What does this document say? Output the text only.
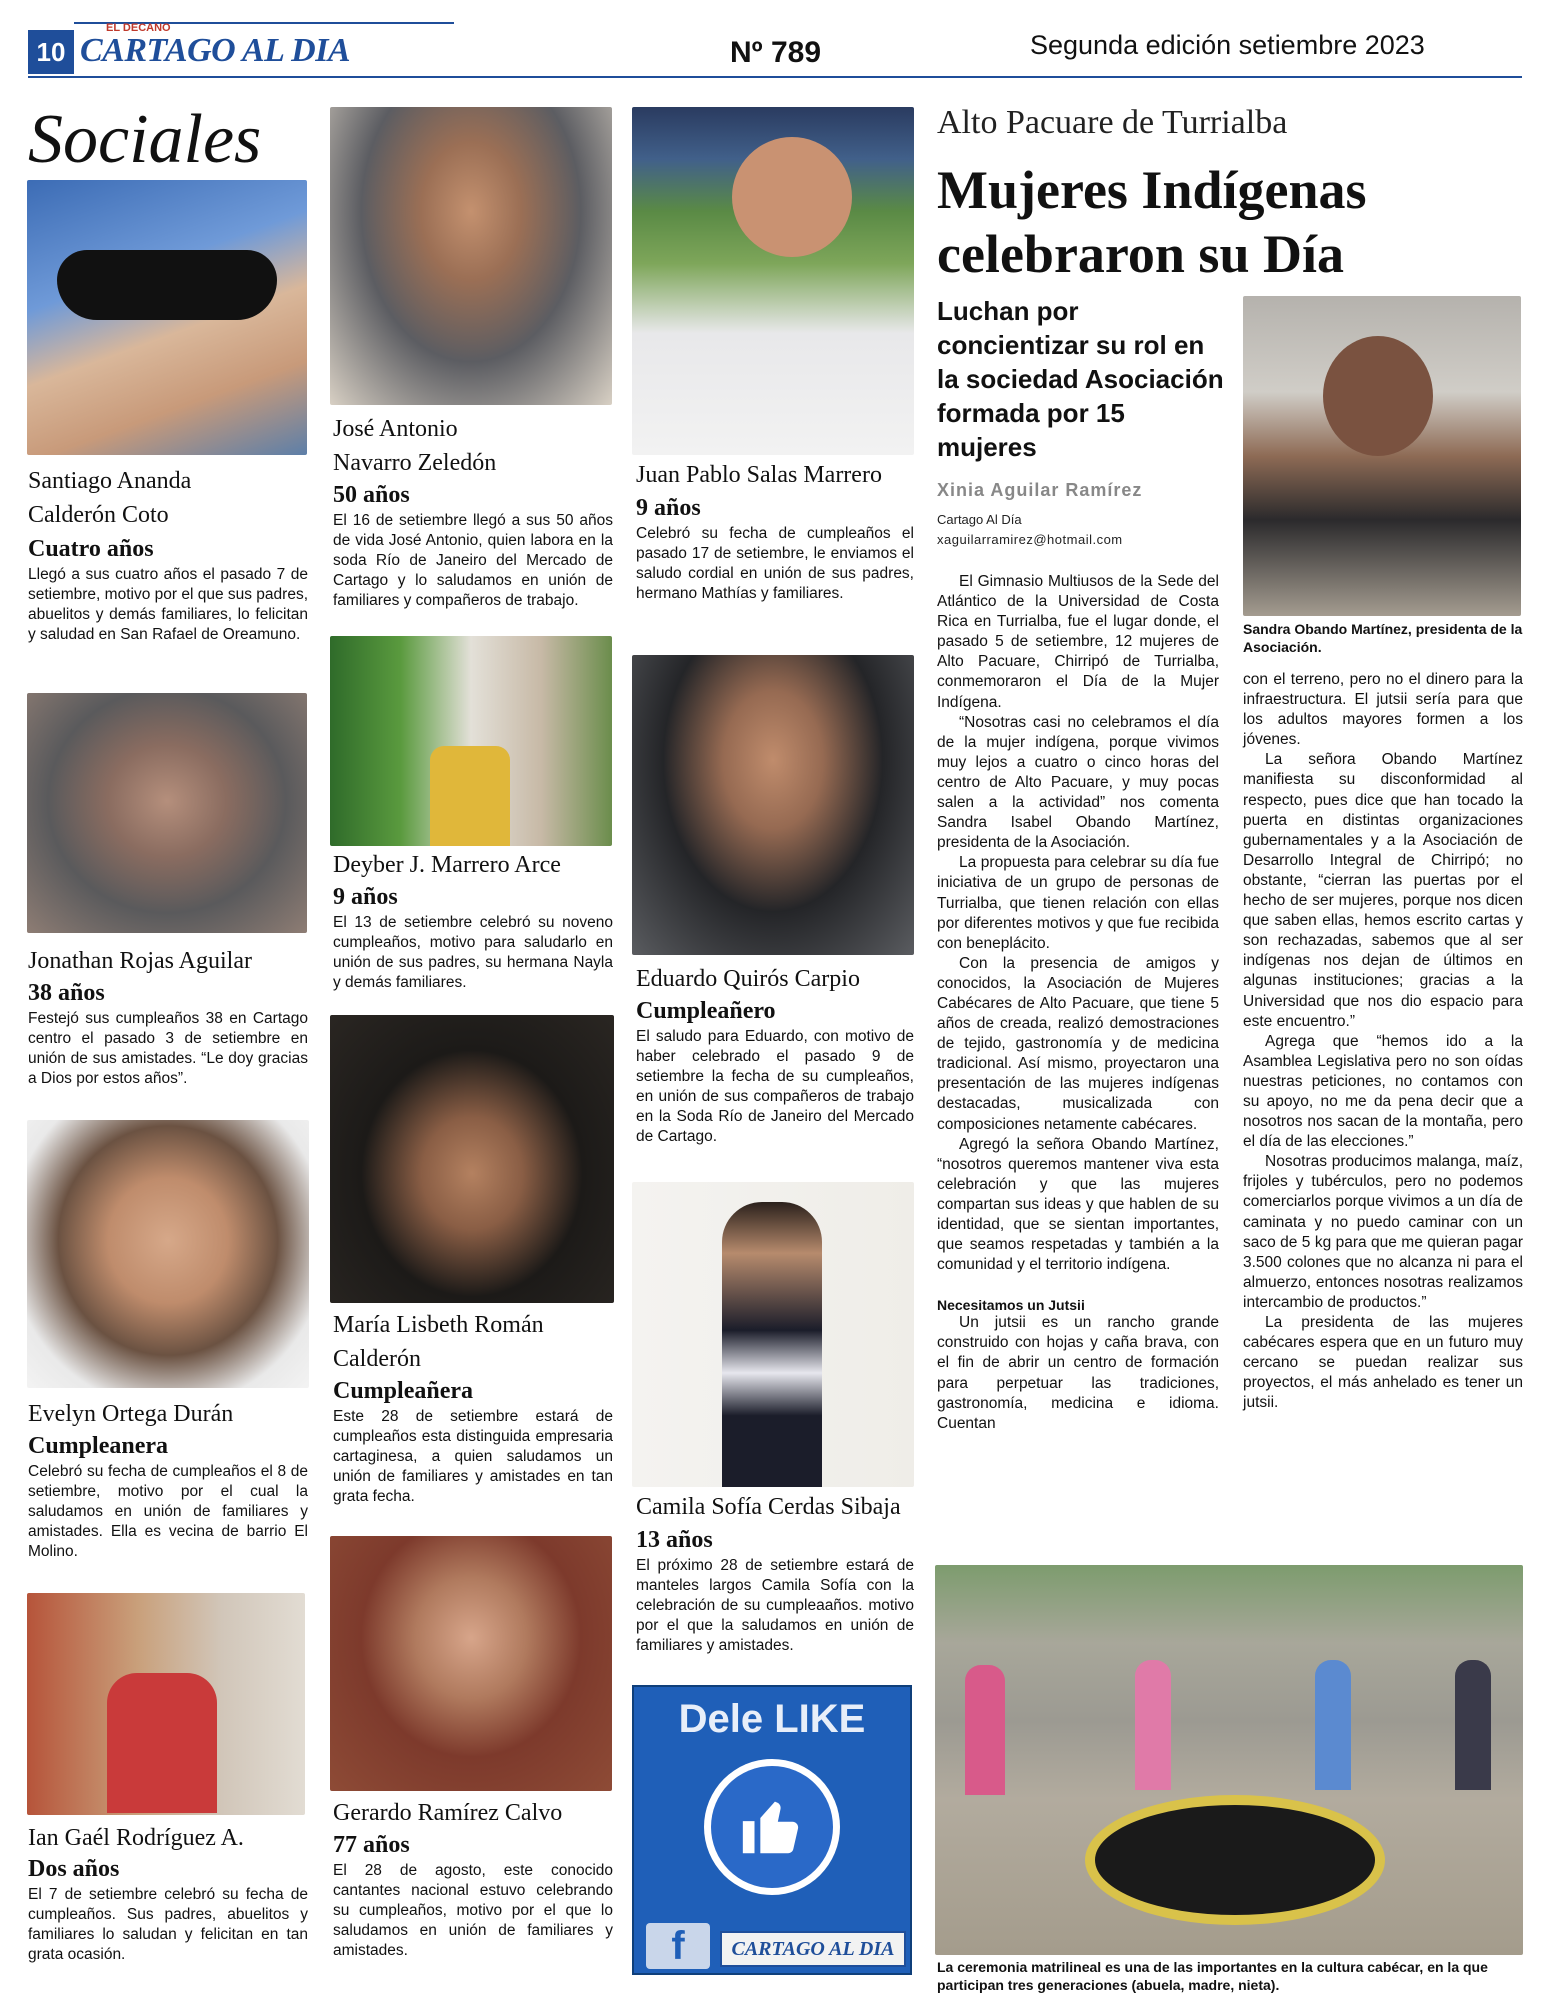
10
EL DECANO
CARTAGO AL DIA	Nº 789	Segunda edición setiembre 2023
Sociales
Santiago Ananda
Calderón Coto
Cuatro años
Llegó a sus cuatro años el pasado 7 de setiembre, motivo por el que sus padres, abuelitos y demás familiares, lo felicitan y saludad en San Rafael de Oreamuno.
Jonathan Rojas Aguilar
38 años
Festejó sus cumpleaños 38 en Cartago centro el pasado 3 de setiembre en unión de sus amistades. “Le doy gracias a Dios por estos años”.
Evelyn Ortega Durán
Cumpleanera
Celebró su fecha de cumpleaños el 8 de setiembre, motivo por el cual la saludamos en unión de familiares y amistades. Ella es vecina de barrio El Molino.
Ian Gaél Rodríguez A.
Dos años
El 7 de setiembre celebró su fecha de cumpleaños. Sus padres, abuelitos y familiares lo saludan y felicitan en tan grata ocasión.
José Antonio
Navarro Zeledón
50 años
El 16 de setiembre llegó a sus 50 años de vida José Antonio, quien labora en la soda Río de Janeiro del Mercado de Cartago y lo saludamos en unión de familiares y compañeros de trabajo.
Deyber J. Marrero Arce
9 años
El 13 de setiembre celebró su noveno cumpleaños, motivo para saludarlo en unión de sus padres, su hermana Nayla y demás familiares.
María Lisbeth Román
Calderón
Cumpleañera
Este 28 de setiembre estará de cumpleaños esta distinguida empresaria cartaginesa, a quien saludamos un unión de familiares y amistades en tan grata fecha.
Gerardo Ramírez Calvo
77 años
El 28 de agosto, este conocido cantantes nacional estuvo celebrando su cumpleaños, motivo por el que lo saludamos en unión de familiares y amistades.
Juan Pablo Salas Marrero
9 años
Celebró su fecha de cumpleaños el pasado 17 de setiembre, le enviamos el saludo cordial en unión de sus padres, hermano Mathías y familiares.
Eduardo Quirós Carpio
Cumpleañero
El saludo para Eduardo, con motivo de haber celebrado el pasado 9 de setiembre la fecha de su cumpleaños, en unión de sus compañeros de trabajo en la Soda Río de Janeiro del Mercado de Cartago.
Camila Sofía Cerdas Sibaja
13 años
El próximo 28 de setiembre estará de manteles largos Camila Sofía con la celebración de su cumpleaaños. motivo por el que la saludamos en unión de familiares y amistades.
Dele LIKE
f	CARTAGO AL DIA
Alto Pacuare de Turrialba
Mujeres Indígenas celebraron su Día
Luchan por concientizar su rol en la sociedad Asociación formada por 15 mujeres
Xinia Aguilar Ramírez
Cartago Al Día
xaguilarramirez@hotmail.com
Sandra Obando Martínez, presidenta de la Asociación.

El Gimnasio Multiusos de la Sede del Atlántico de la Universidad de Costa Rica en Turrialba, fue el lugar donde, el pasado 5 de setiembre, 12 mujeres de Alto Pacuare, Chirripó de Turrialba, conmemoraron el Día de la Mujer Indígena.

“Nosotras casi no celebramos el día de la mujer indígena, porque vivimos muy lejos a cuatro o cinco horas del centro de Alto Pacuare, y muy pocas salen a la actividad” nos comenta Sandra Isabel Obando Martínez, presidenta de la Asociación.

La propuesta para celebrar su día fue iniciativa de un grupo de personas de Turrialba, que tienen relación con ellas por diferentes motivos y que fue recibida con beneplácito.

Con la presencia de amigos y conocidos, la Asociación de Mujeres Cabécares de Alto Pacuare, que tiene 5 años de creada, realizó demostraciones de tejido, gastronomía y de medicina tradicional. Así mismo, proyectaron una presentación de las mujeres indígenas destacadas, musicalizada con composiciones netamente cabécares.

Agregó la señora Obando Martínez, “nosotros queremos mantener viva esta celebración y que las mujeres compartan sus ideas y que hablen de su identidad, que se sientan importantes, que seamos respetadas y también a la comunidad y el territorio indígena.

Necesitamos un Jutsii

Un jutsii es un rancho grande construido con hojas y caña brava, con el fin de abrir un centro de formación para perpetuar las tradiciones, gastronomía, medicina e idioma. Cuentan

con el terreno, pero no el dinero para la infraestructura. El jutsii sería para que los adultos mayores formen a los jóvenes.

La señora Obando Martínez manifiesta su disconformidad al respecto, pues dice que han tocado la puerta en distintas organizaciones gubernamentales y a la Asociación de Desarrollo Integral de Chirripó; no obstante, “cierran las puertas por el hecho de ser mujeres, porque nos dicen que saben ellas, hemos escrito cartas y son rechazadas, sabemos que al ser indígenas nos dejan de últimos en algunas instituciones; gracias a la Universidad que nos dio espacio para este encuentro.”

Agrega que “hemos ido a la Asamblea Legislativa pero no son oídas nuestras peticiones, no contamos con su apoyo, no me da pena decir que a nosotros nos sacan de la montaña, pero el día de las elecciones.”

Nosotras producimos malanga, maíz, frijoles y tubérculos, pero no podemos comerciarlos porque vivimos a un día de caminata y no puedo caminar con un saco de 5 kg para que me quieran pagar 3.500 colones que no alcanza ni para el almuerzo, entonces nosotras realizamos intercambio de productos.”

La presidenta de las mujeres cabécares espera que en un futuro muy cercano se puedan realizar sus proyectos, el más anhelado es tener un jutsii.

La ceremonia matrilineal es una de las importantes en la cultura cabécar, en la que participan tres generaciones (abuela, madre, nieta).
